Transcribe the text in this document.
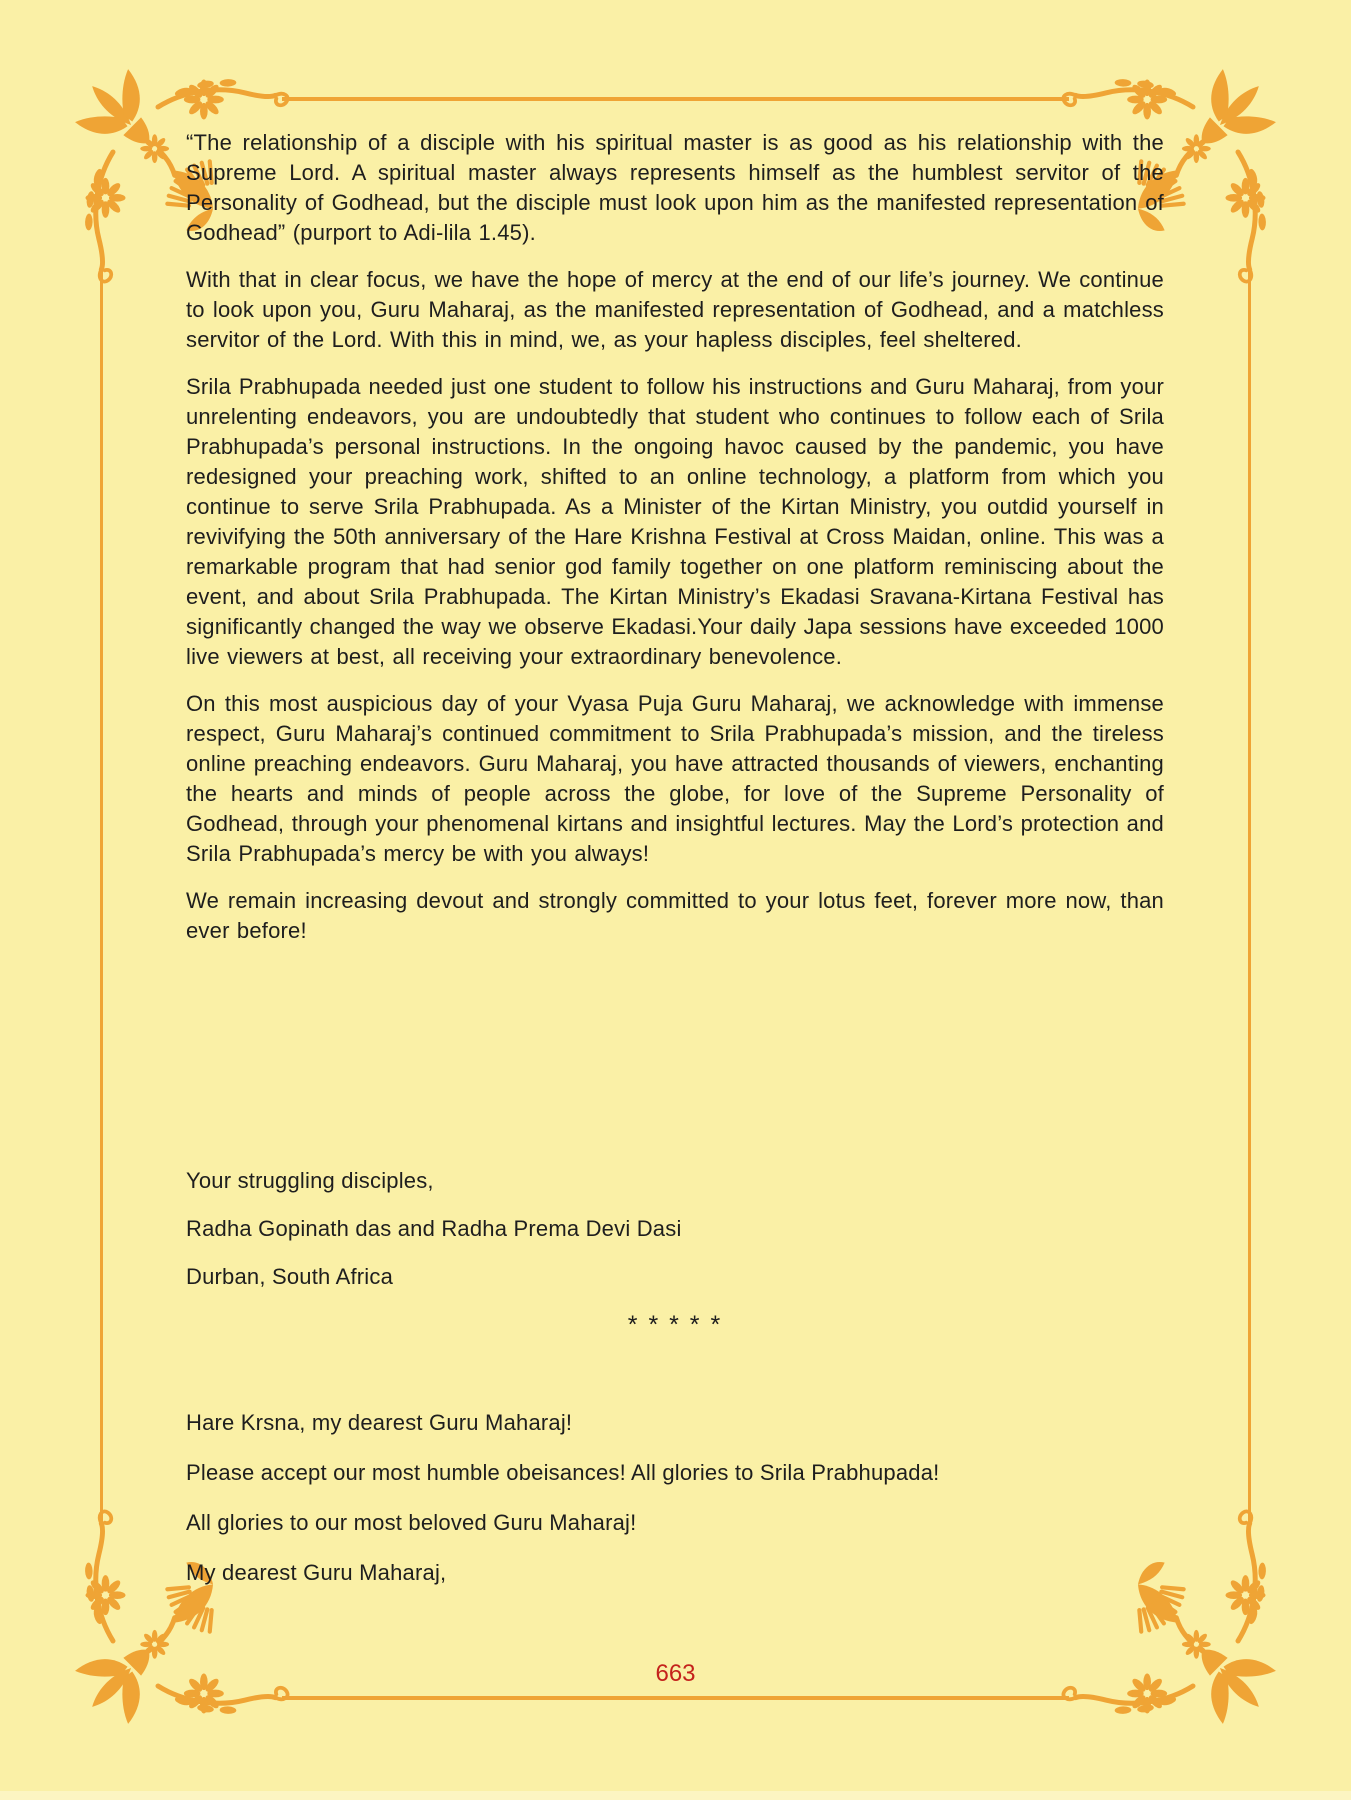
“The relationship of a disciple with his spiritual master is as good as his relationship with the Supreme Lord. A spiritual master always represents himself as the humblest servitor of the Personality of Godhead, but the disciple must look upon him as the manifested representation of Godhead” (purport to Adi-lila 1.45).

With that in clear focus, we have the hope of mercy at the end of our life’s journey. We continue to look upon you, Guru Maharaj, as the manifested representation of Godhead, and a matchless servitor of the Lord. With this in mind, we, as your hapless disciples, feel sheltered.

Srila Prabhupada needed just one student to follow his instructions and Guru Maharaj, from your unrelenting endeavors, you are undoubtedly that student who continues to follow each of Srila Prabhupada’s personal instructions. In the ongoing havoc caused by the pandemic, you have redesigned your preaching work, shifted to an online technology, a platform from which you continue to serve Srila Prabhupada. As a Minister of the Kirtan Ministry, you outdid yourself in revivifying the 50th anniversary of the Hare Krishna Festival at Cross Maidan, online. This was a remarkable program that had senior god family together on one platform reminiscing about the event, and about Srila Prabhupada. The Kirtan Ministry’s Ekadasi Sravana-Kirtana Festival has significantly changed the way we observe Ekadasi.Your daily Japa sessions have exceeded 1000 live viewers at best, all receiving your extraordinary benevolence.

On this most auspicious day of your Vyasa Puja Guru Maharaj, we acknowledge with immense respect, Guru Maharaj’s continued commitment to Srila Prabhupada’s mission, and the tireless online preaching endeavors. Guru Maharaj, you have attracted thousands of viewers, enchanting the hearts and minds of people across the globe, for love of the Supreme Personality of Godhead, through your phenomenal kirtans and insightful lectures. May the Lord’s protection and Srila Prabhupada’s mercy be with you always!

We remain increasing devout and strongly committed to your lotus feet, forever more now, than ever before!

Your struggling disciples,
Radha Gopinath das and Radha Prema Devi Dasi
Durban, South Africa
* * * * *
Hare Krsna, my dearest Guru Maharaj!
Please accept our most humble obeisances! All glories to Srila Prabhupada!
All glories to our most beloved Guru Maharaj!
My dearest Guru Maharaj,
663
